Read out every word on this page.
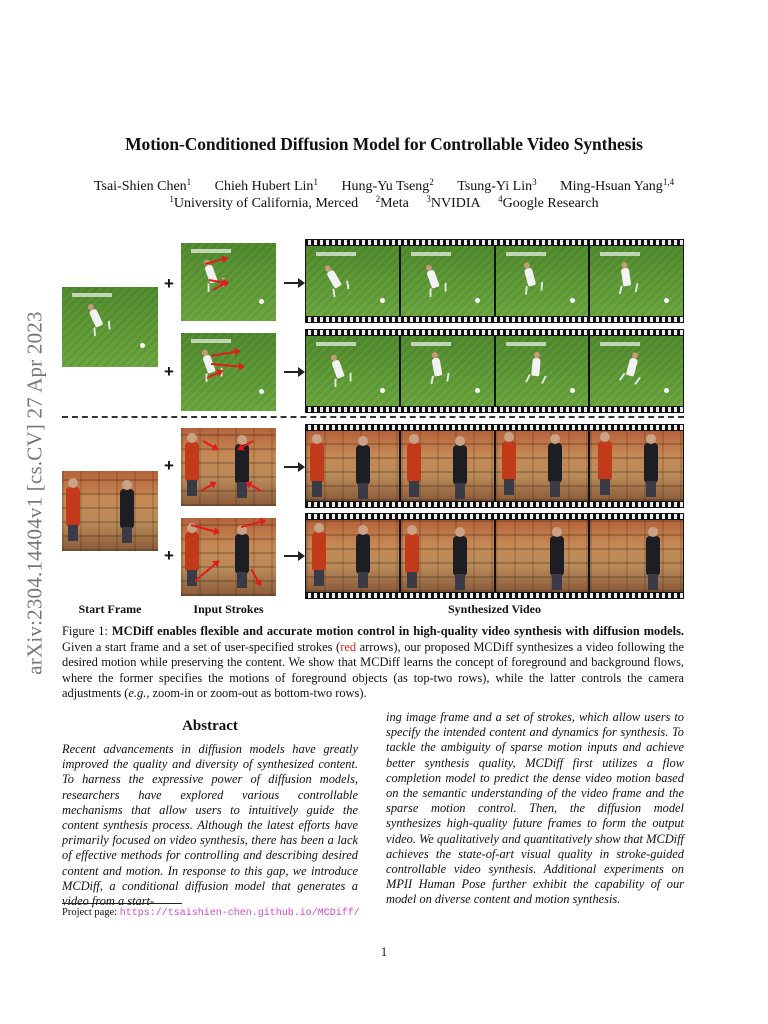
arXiv:2304.14404v1 [cs.CV] 27 Apr 2023
Motion-Conditioned Diffusion Model for Controllable Video Synthesis
Tsai-Shien Chen$^1$ Chieh Hubert Lin$^1$ Hung-Yu Tseng$^2$ Tsung-Yi Lin$^3$ Ming-Hsuan Yang$^{1,4}$
$^1$University of California, Merced $^2$Meta $^3$NVIDIA $^4$Google Research
+
+
+
+
Start Frame	Input Strokes	Synthesized Video
Figure 1: MCDiff enables flexible and accurate motion control in high-quality video synthesis with diffusion models. Given a start frame and a set of user-specified strokes (red arrows), our proposed MCDiff synthesizes a video following the desired motion while preserving the content. We show that MCDiff learns the concept of foreground and background flows, where the former specifies the motions of foreground objects (as top-two rows), while the latter controls the camera adjustments (e.g., zoom-in or zoom-out as bottom-two rows).
Abstract
Recent advancements in diffusion models have greatly improved the quality and diversity of synthesized content. To harness the expressive power of diffusion models, researchers have explored various controllable mechanisms that allow users to intuitively guide the content synthesis process. Although the latest efforts have primarily focused on video synthesis, there has been a lack of effective methods for controlling and describing desired content and motion. In response to this gap, we introduce MCDiff, a conditional diffusion model that generates a video from a start-
ing image frame and a set of strokes, which allow users to specify the intended content and dynamics for synthesis. To tackle the ambiguity of sparse motion inputs and achieve better synthesis quality, MCDiff first utilizes a flow completion model to predict the dense video motion based on the semantic understanding of the video frame and the sparse motion control. Then, the diffusion model synthesizes high-quality future frames to form the output video. We qualitatively and quantitatively show that MCDiff achieves the state-of-art visual quality in stroke-guided controllable video synthesis. Additional experiments on MPII Human Pose further exhibit the capability of our model on diverse content and motion synthesis.
Project page: https://tsaishien-chen.github.io/MCDiff/
1
